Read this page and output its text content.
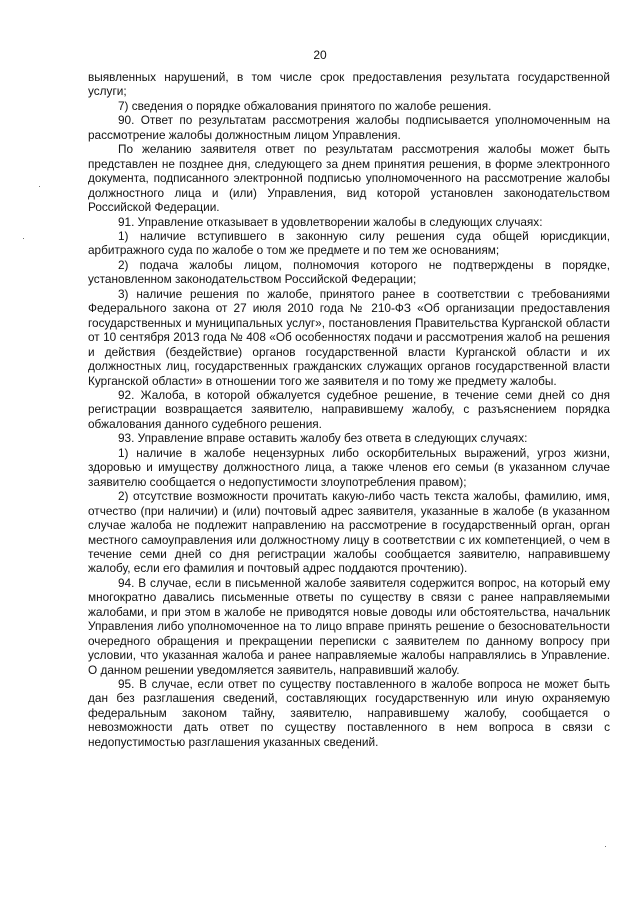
20
·
·
·

выявленных нарушений, в том числе срок предоставления результата государственной услуги;

7) сведения о порядке обжалования принятого по жалобе решения.

90. Ответ по результатам рассмотрения жалобы подписывается уполномоченным на рассмотрение жалобы должностным лицом Управления.

По желанию заявителя ответ по результатам рассмотрения жалобы может быть представлен не позднее дня, следующего за днем принятия решения, в форме электронного документа, подписанного электронной подписью уполномоченного на рассмотрение жалобы должностного лица и (или) Управления, вид которой установлен законодательством Российской Федерации.

91. Управление отказывает в удовлетворении жалобы в следующих случаях:

1) наличие вступившего в законную силу решения суда общей юрисдикции, арбитражного суда по жалобе о том же предмете и по тем же основаниям;

2) подача жалобы лицом, полномочия которого не подтверждены в порядке, установленном законодательством Российской Федерации;

3) наличие решения по жалобе, принятого ранее в соответствии с требованиями Федерального закона от 27 июля 2010 года № 210-ФЗ «Об организации предоставления государственных и муниципальных услуг», постановления Правительства Курганской области от 10 сентября 2013 года № 408 «Об особенностях подачи и рассмотрения жалоб на решения и действия (бездействие) органов государственной власти Курганской области и их должностных лиц, государственных гражданских служащих органов государственной власти Курганской области» в отношении того же заявителя и по тому же предмету жалобы.

92. Жалоба, в которой обжалуется судебное решение, в течение семи дней со дня регистрации возвращается заявителю, направившему жалобу, с разъяснением порядка обжалования данного судебного решения.

93. Управление вправе оставить жалобу без ответа в следующих случаях:

1) наличие в жалобе нецензурных либо оскорбительных выражений, угроз жизни, здоровью и имуществу должностного лица, а также членов его семьи (в указанном случае заявителю сообщается о недопустимости злоупотребления правом);

2) отсутствие возможности прочитать какую-либо часть текста жалобы, фамилию, имя, отчество (при наличии) и (или) почтовый адрес заявителя, указанные в жалобе (в указанном случае жалоба не подлежит направлению на рассмотрение в государственный орган, орган местного самоуправления или должностному лицу в соответствии с их компетенцией, о чем в течение семи дней со дня регистрации жалобы сообщается заявителю, направившему жалобу, если его фамилия и почтовый адрес поддаются прочтению).

94. В случае, если в письменной жалобе заявителя содержится вопрос, на который ему многократно давались письменные ответы по существу в связи с ранее направляемыми жалобами, и при этом в жалобе не приводятся новые доводы или обстоятельства, начальник Управления либо уполномоченное на то лицо вправе принять решение о безосновательности очередного обращения и прекращении переписки с заявителем по данному вопросу при условии, что указанная жалоба и ранее направляемые жалобы направлялись в Управление. О данном решении уведомляется заявитель, направивший жалобу.

95. В случае, если ответ по существу поставленного в жалобе вопроса не может быть дан без разглашения сведений, составляющих государственную или иную охраняемую федеральным законом тайну, заявителю, направившему жалобу, сообщается о невозможности дать ответ по существу поставленного в нем вопроса в связи с недопустимостью разглашения указанных сведений.
